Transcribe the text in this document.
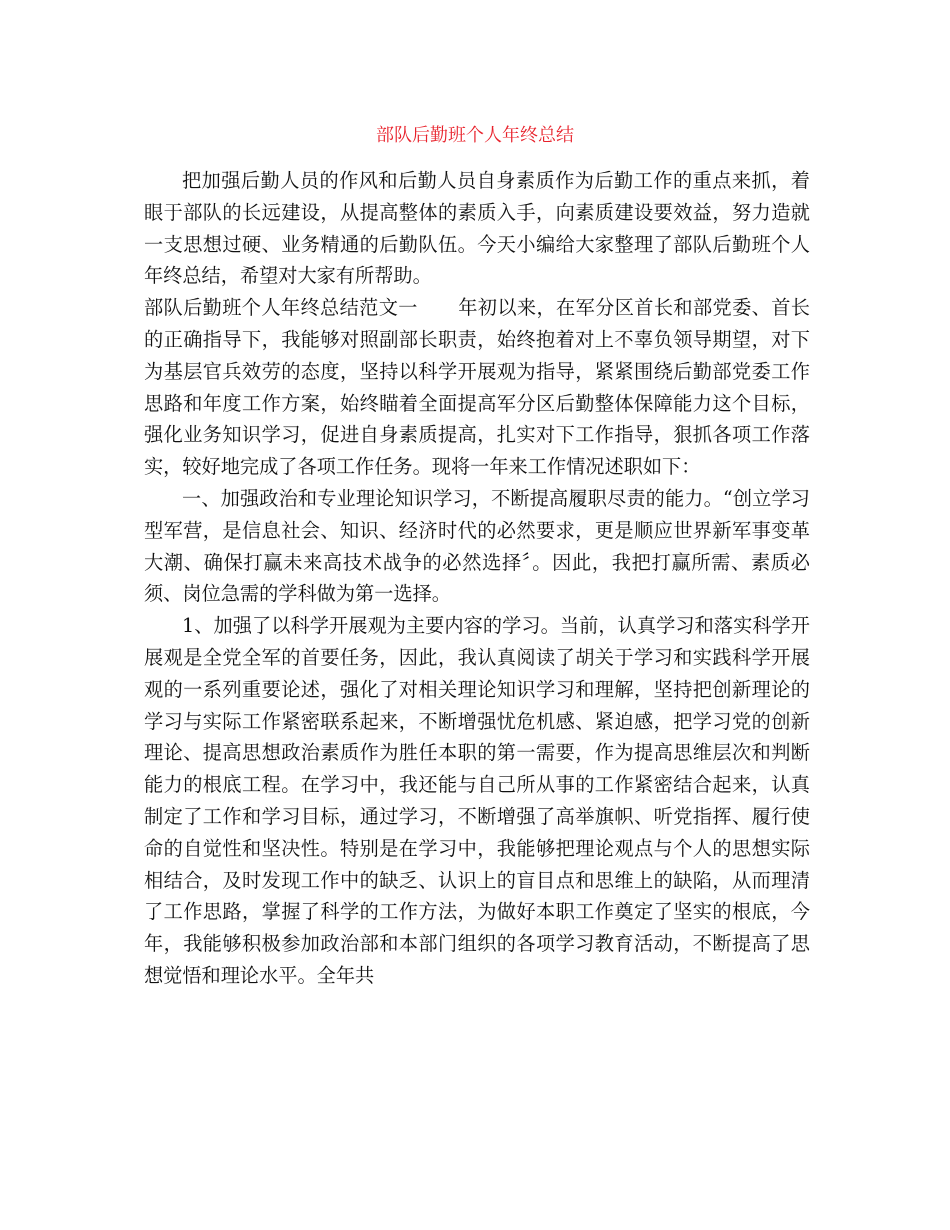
部队后勤班个人年终总结

把加强后勤人员的作风和后勤人员自身素质作为后勤工作的重点来抓，着眼于部队的长远建设，从提高整体的素质入手，向素质建设要效益，努力造就一支思想过硬、业务精通的后勤队伍。今天小编给大家整理了部队后勤班个人年终总结，希望对大家有所帮助。

部队后勤班个人年终总结范文一 年初以来，在军分区首长和部党委、首长的正确指导下，我能够对照副部长职责，始终抱着对上不辜负领导期望，对下为基层官兵效劳的态度，坚持以科学开展观为指导，紧紧围绕后勤部党委工作思路和年度工作方案，始终瞄着全面提高军分区后勤整体保障能力这个目标，强化业务知识学习，促进自身素质提高，扎实对下工作指导，狠抓各项工作落实，较好地完成了各项工作任务。现将一年来工作情况述职如下：

一、加强政治和专业理论知识学习，不断提高履职尽责的能力。“创立学习型军营，是信息社会、知识、经济时代的必然要求，更是顺应世界新军事变革大潮、确保打赢未来高技术战争的必然选择〞。因此，我把打赢所需、素质必须、岗位急需的学科做为第一选择。

1、加强了以科学开展观为主要内容的学习。当前，认真学习和落实科学开展观是全党全军的首要任务，因此，我认真阅读了胡关于学习和实践科学开展观的一系列重要论述，强化了对相关理论知识学习和理解，坚持把创新理论的学习与实际工作紧密联系起来，不断增强忧危机感、紧迫感，把学习党的创新理论、提高思想政治素质作为胜任本职的第一需要，作为提高思维层次和判断能力的根底工程。在学习中，我还能与自己所从事的工作紧密结合起来，认真制定了工作和学习目标，通过学习，不断增强了高举旗帜、听党指挥、履行使命的自觉性和坚决性。特别是在学习中，我能够把理论观点与个人的思想实际相结合，及时发现工作中的缺乏、认识上的盲目点和思维上的缺陷，从而理清了工作思路，掌握了科学的工作方法，为做好本职工作奠定了坚实的根底，今年，我能够积极参加政治部和本部门组织的各项学习教育活动，不断提高了思想觉悟和理论水平。全年共
